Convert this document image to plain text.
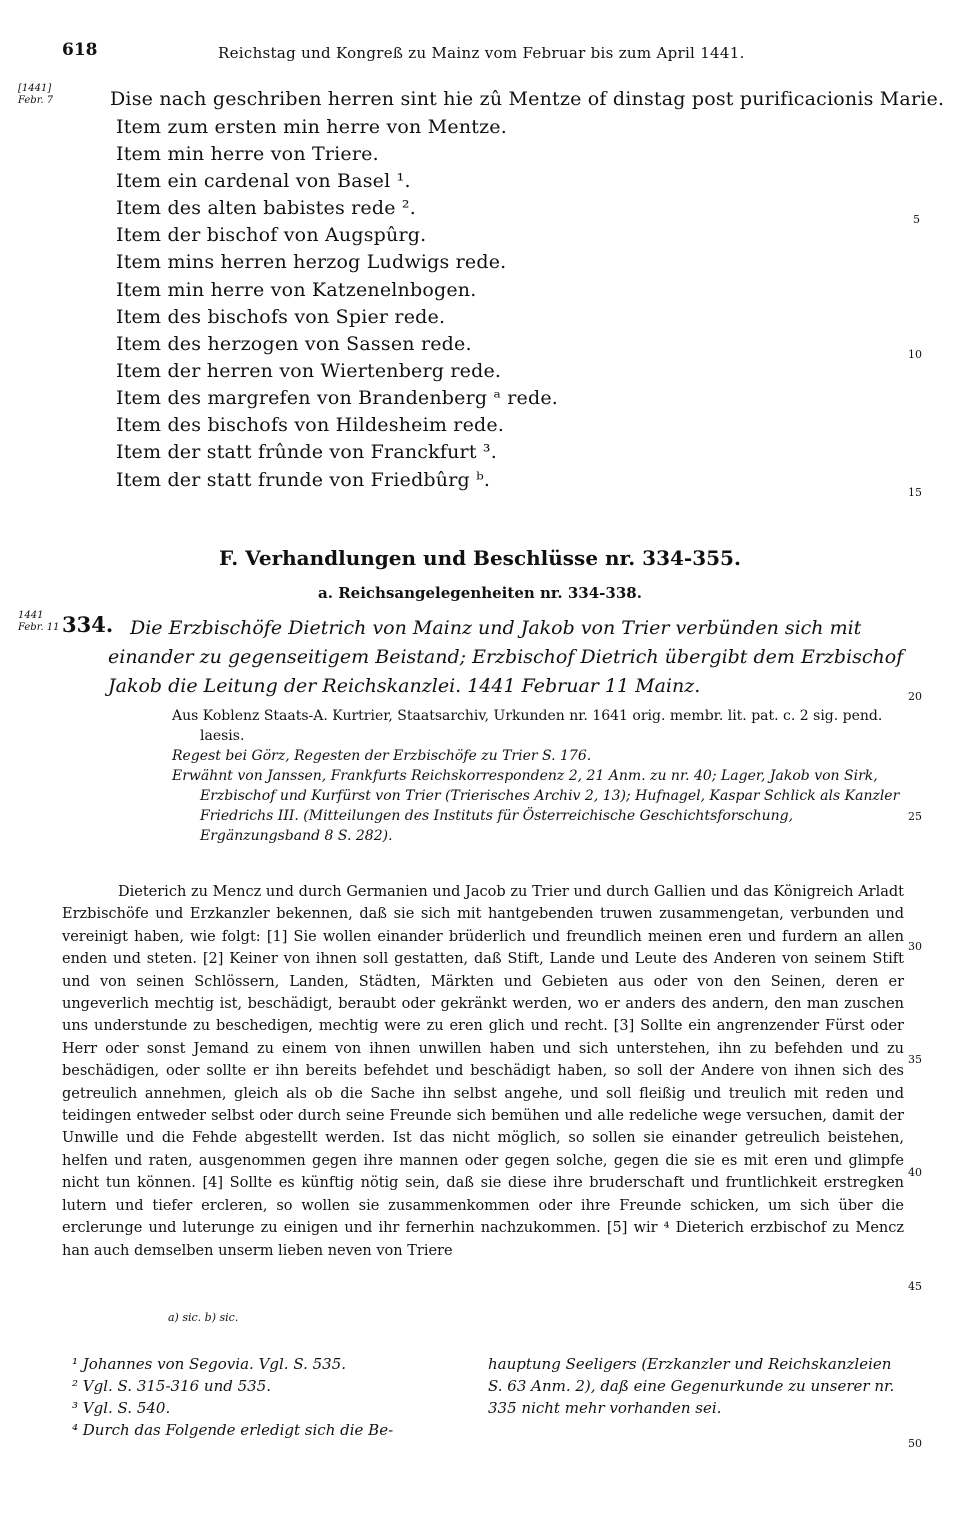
618	Reichstag und Kongreß zu Mainz vom Februar bis zum April 1441.
[1441] Febr. 7	Dise nach geschriben herren sint hie zû Mentze of dinstag post purificacionis Marie.
Item zum ersten min herre von Mentze.
Item min herre von Triere.
Item ein cardenal von Basel ¹.
Item des alten babistes rede ².
Item der bischof von Augspûrg.
Item mins herren herzog Ludwigs rede.
Item min herre von Katzenelnbogen.
Item des bischofs von Spier rede.
Item des herzogen von Sassen rede.
Item der herren von Wiertenberg rede.
Item des margrefen von Brandenberg ᵃ rede.
Item des bischofs von Hildesheim rede.
Item der statt frûnde von Franckfurt ³.
Item der statt frunde von Friedbûrg ᵇ.
5
10
15
20
25
30
35
40
45
50
F. Verhandlungen und Beschlüsse nr. 334-355.
a. Reichsangelegenheiten nr. 334-338.
1441 Febr. 11 334. Die Erzbischöfe Dietrich von Mainz und Jakob von Trier verbünden sich mit einander zu gegenseitigem Beistand; Erzbischof Dietrich übergibt dem Erzbischof Jakob die Leitung der Reichskanzlei. 1441 Februar 11 Mainz.

Aus Koblenz Staats-A. Kurtrier, Staatsarchiv, Urkunden nr. 1641 orig. membr. lit. pat. c. 2 sig. pend. laesis.

Regest bei Görz, Regesten der Erzbischöfe zu Trier S. 176.

Erwähnt von Janssen, Frankfurts Reichskorrespondenz 2, 21 Anm. zu nr. 40; Lager, Jakob von Sirk, Erzbischof und Kurfürst von Trier (Trierisches Archiv 2, 13); Hufnagel, Kaspar Schlick als Kanzler Friedrichs III. (Mitteilungen des Instituts für Österreichische Geschichtsforschung, Ergänzungsband 8 S. 282).

Dieterich zu Mencz und durch Germanien und Jacob zu Trier und durch Gallien und das Königreich Arladt Erzbischöfe und Erzkanzler bekennen, daß sie sich mit hantgebenden truwen zusammengetan, verbunden und vereinigt haben, wie folgt: [1] Sie wollen einander brüderlich und freundlich meinen eren und furdern an allen enden und steten. [2] Keiner von ihnen soll gestatten, daß Stift, Lande und Leute des Anderen von seinem Stift und von seinen Schlössern, Landen, Städten, Märkten und Gebieten aus oder von den Seinen, deren er ungeverlich mechtig ist, beschädigt, beraubt oder gekränkt werden, wo er anders des andern, den man zuschen uns understunde zu beschedigen, mechtig were zu eren glich und recht. [3] Sollte ein angrenzender Fürst oder Herr oder sonst Jemand zu einem von ihnen unwillen haben und sich unterstehen, ihn zu befehden und zu beschädigen, oder sollte er ihn bereits befehdet und beschädigt haben, so soll der Andere von ihnen sich des getreulich annehmen, gleich als ob die Sache ihn selbst angehe, und soll fleißig und treulich mit reden und teidingen entweder selbst oder durch seine Freunde sich bemühen und alle redeliche wege versuchen, damit der Unwille und die Fehde abgestellt werden. Ist das nicht möglich, so sollen sie einander getreulich beistehen, helfen und raten, ausgenommen gegen ihre mannen oder gegen solche, gegen die sie es mit eren und glimpfe nicht tun können. [4] Sollte es künftig nötig sein, daß sie diese ihre bruderschaft und fruntlichkeit erstregken lutern und tiefer ercleren, so wollen sie zusammenkommen oder ihre Freunde schicken, um sich über die erclerunge und luterunge zu einigen und ihr fernerhin nachzukommen. [5] wir ⁴ Dieterich erzbischof zu Mencz han auch demselben unserm lieben neven von Triere
a) sic. b) sic.

¹ Johannes von Segovia. Vgl. S. 535.

² Vgl. S. 315-316 und 535.

³ Vgl. S. 540.

⁴ Durch das Folgende erledigt sich die Be-

hauptung Seeligers (Erzkanzler und Reichskanzleien S. 63 Anm. 2), daß eine Gegenurkunde zu unserer nr. 335 nicht mehr vorhanden sei.
